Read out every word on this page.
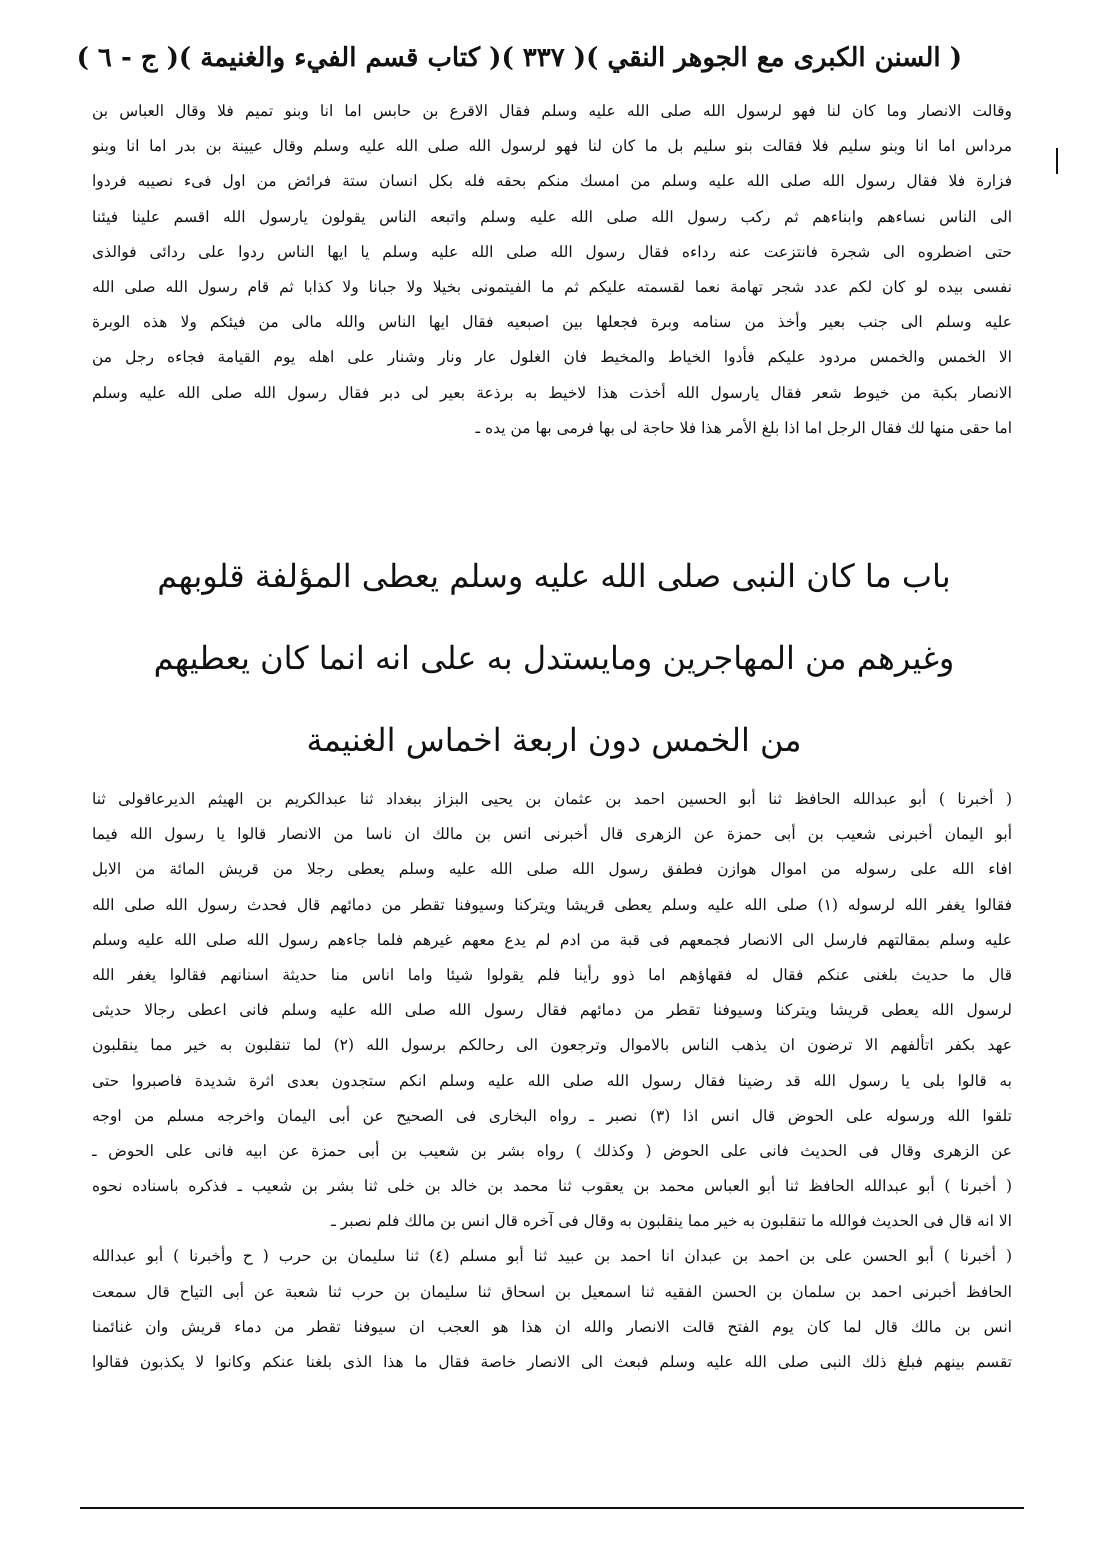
( السنن الكبرى مع الجوهر النقي )
( ٣٣٧ )
( كتاب قسم الفيء والغنيمة )
( ج - ٦ )
وقالت الانصار وما كان لنا فهو لرسول الله صلى الله عليه وسلم فقال الاقرع بن حابس اما انا وبنو تميم فلا وقال العباس بن
مرداس اما انا وبنو سليم فلا فقالت بنو سليم بل ما كان لنا فهو لرسول الله صلى الله عليه وسلم وقال عيينة بن بدر اما انا وبنو
فزارة فلا فقال رسول الله صلى الله عليه وسلم من امسك منكم بحقه فله بكل انسان ستة فرائض من اول فىء نصيبه فردوا
الى الناس نساءهم وابناءهم ثم ركب رسول الله صلى الله عليه وسلم واتبعه الناس يقولون يارسول الله اقسم علينا فيئنا
حتى اضطروه الى شجرة فانتزعت عنه رداءه فقال رسول الله صلى الله عليه وسلم يا ايها الناس ردوا على ردائى فوالذى
نفسى بيده لو كان لكم عدد شجر تهامة نعما لقسمته عليكم ثم ما الفيتمونى بخيلا ولا جبانا ولا كذابا ثم قام رسول الله صلى الله
عليه وسلم الى جنب بعير وأخذ من سنامه وبرة فجعلها بين اصبعيه فقال ايها الناس والله مالى من فيئكم ولا هذه الوبرة
الا الخمس والخمس مردود عليكم فأدوا الخياط والمخيط فان الغلول عار ونار وشنار على اهله يوم القيامة فجاءه رجل من
الانصار بكبة من خيوط شعر فقال يارسول الله أخذت هذا لاخيط به برذعة بعير لى دبر فقال رسول الله صلى الله عليه وسلم
اما حقى منها لك فقال الرجل اما اذا بلغ الأمر هذا فلا حاجة لى بها فرمى بها من يده ـ
باب ما كان النبى صلى الله عليه وسلم يعطى المؤلفة قلوبهم
وغيرهم من المهاجرين ومايستدل به على انه انما كان يعطيهم
من الخمس دون اربعة اخماس الغنيمة
( أخبرنا ) أبو عبدالله الحافظ ثنا أبو الحسين احمد بن عثمان بن يحيى البزاز ببغداد ثنا عبدالكريم بن الهيثم الديرعاقولى ثنا
أبو اليمان أخبرنى شعيب بن أبى حمزة عن الزهرى قال أخبرنى انس بن مالك ان ناسا من الانصار قالوا يا رسول الله فيما
افاء الله على رسوله من اموال هوازن فطفق رسول الله صلى الله عليه وسلم يعطى رجلا من قريش المائة من الابل
فقالوا يغفر الله لرسوله (١) صلى الله عليه وسلم يعطى قريشا ويتركنا وسيوفنا تقطر من دمائهم قال فحدث رسول الله صلى الله
عليه وسلم بمقالتهم فارسل الى الانصار فجمعهم فى قبة من ادم لم يدع معهم غيرهم فلما جاءهم رسول الله صلى الله عليه وسلم
قال ما حديث بلغنى عنكم فقال له فقهاؤهم اما ذوو رأينا فلم يقولوا شيئا واما اناس منا حديثة اسنانهم فقالوا يغفر الله
لرسول الله يعطى قريشا ويتركنا وسيوفنا تقطر من دمائهم فقال رسول الله صلى الله عليه وسلم فانى اعطى رجالا حديثى
عهد بكفر اتألفهم الا ترضون ان يذهب الناس بالاموال وترجعون الى رحالكم برسول الله (٢) لما تنقلبون به خير مما ينقلبون
به قالوا بلى يا رسول الله قد رضينا فقال رسول الله صلى الله عليه وسلم انكم ستجدون بعدى اثرة شديدة فاصبروا حتى
تلقوا الله ورسوله على الحوض قال انس اذا (٣) نصبر ـ رواه البخارى فى الصحيح عن أبى اليمان واخرجه مسلم من اوجه
عن الزهرى وقال فى الحديث فانى على الحوض ( وكذلك ) رواه بشر بن شعيب بن أبى حمزة عن ابيه فانى على الحوض ـ
( أخبرنا ) أبو عبدالله الحافظ ثنا أبو العباس محمد بن يعقوب ثنا محمد بن خالد بن خلى ثنا بشر بن شعيب ـ فذكره باسناده نحوه
الا انه قال فى الحديث فوالله ما تنقلبون به خير مما ينقلبون به وقال فى آخره قال انس بن مالك فلم نصبر ـ
( أخبرنا ) أبو الحسن على بن احمد بن عبدان انا احمد بن عبيد ثنا أبو مسلم (٤) ثنا سليمان بن حرب ( ح وأخبرنا ) أبو عبدالله
الحافظ أخبرنى احمد بن سلمان بن الحسن الفقيه ثنا اسمعيل بن اسحاق ثنا سليمان بن حرب ثنا شعبة عن أبى التياح قال سمعت
انس بن مالك قال لما كان يوم الفتح قالت الانصار والله ان هذا هو العجب ان سيوفنا تقطر من دماء قريش وان غنائمنا
تقسم بينهم فبلغ ذلك النبى صلى الله عليه وسلم فبعث الى الانصار خاصة فقال ما هذا الذى بلغنا عنكم وكانوا لا يكذبون فقالوا
